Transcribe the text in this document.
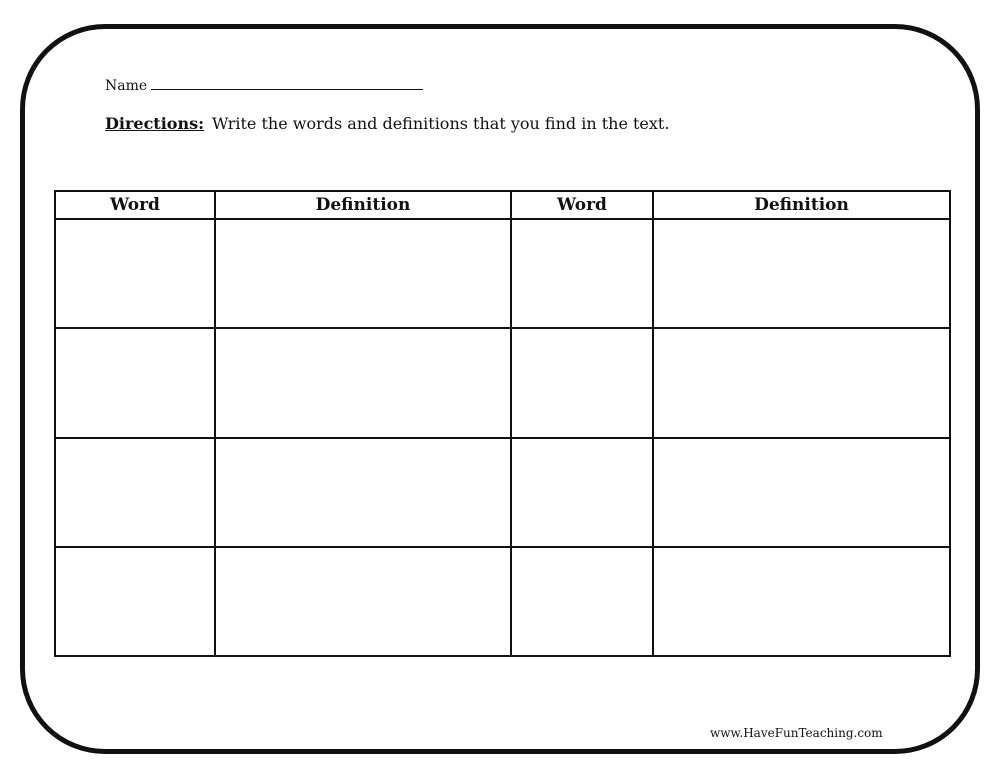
Name
Directions: Write the words and definitions that you find in the text.
Word	Definition	Word	Definition

www.HaveFunTeaching.com
